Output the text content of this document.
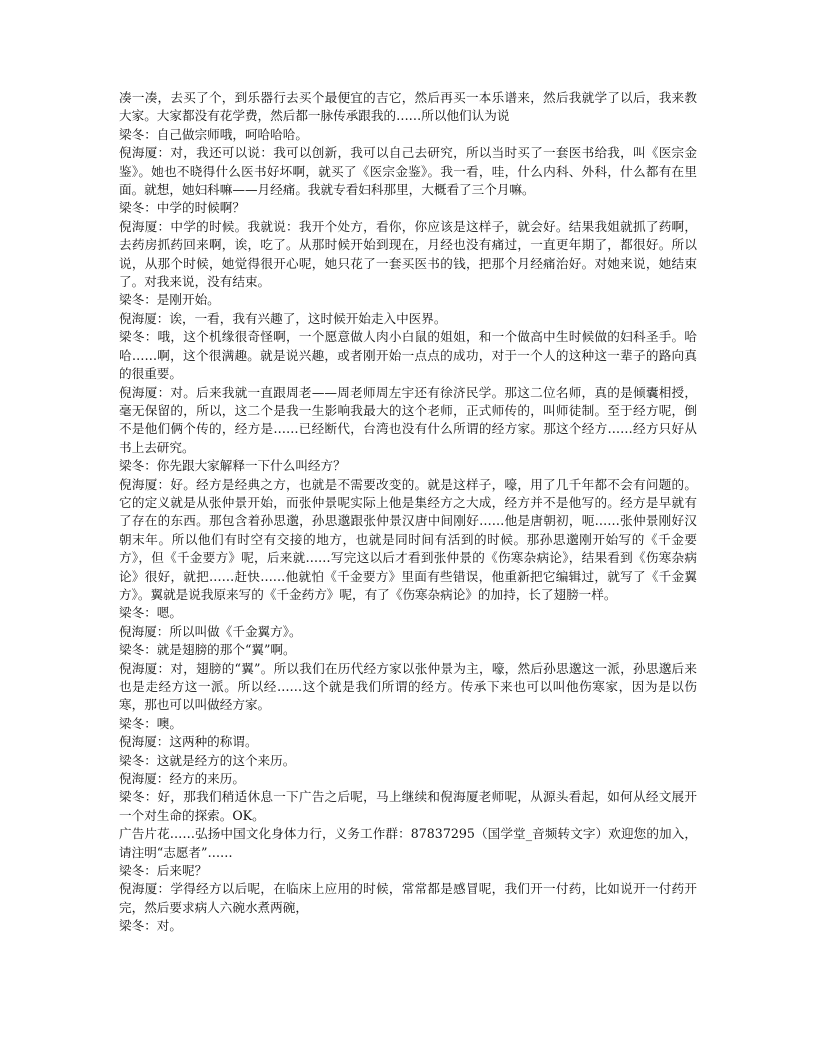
凑一凑，去买了个，到乐器行去买个最便宜的吉它，然后再买一本乐谱来，然后我就学了以后，我来教大家。大家都没有花学费，然后都一脉传承跟我的……所以他们认为说

梁冬：自己做宗师哦，呵哈哈哈。

倪海厦：对，我还可以说：我可以创新，我可以自己去研究，所以当时买了一套医书给我，叫《医宗金鉴》。她也不晓得什么医书好坏啊，就买了《医宗金鉴》。我一看，哇，什么内科、外科，什么都有在里面。就想，她妇科嘛——月经痛。我就专看妇科那里，大概看了三个月嘛。

梁冬：中学的时候啊？

倪海厦：中学的时候。我就说：我开个处方，看你，你应该是这样子，就会好。结果我姐就抓了药啊，去药房抓药回来啊，诶，吃了。从那时候开始到现在，月经也没有痛过，一直更年期了，都很好。所以说，从那个时候，她觉得很开心呢，她只花了一套买医书的钱，把那个月经痛治好。对她来说，她结束了。对我来说，没有结束。

梁冬：是刚开始。

倪海厦：诶，一看，我有兴趣了，这时候开始走入中医界。

梁冬：哦，这个机缘很奇怪啊，一个愿意做人肉小白鼠的姐姐，和一个做高中生时候做的妇科圣手。哈哈……啊，这个很满趣。就是说兴趣，或者刚开始一点点的成功，对于一个人的这种这一辈子的路向真的很重要。

倪海厦：对。后来我就一直跟周老——周老师周左宇还有徐济民学。那这二位名师，真的是倾囊相授，毫无保留的，所以，这二个是我一生影响我最大的这个老师，正式师传的，叫师徒制。至于经方呢，倒不是他们俩个传的，经方是……已经断代，台湾也没有什么所谓的经方家。那这个经方……经方只好从书上去研究。

梁冬：你先跟大家解释一下什么叫经方？

倪海厦：好。经方是经典之方，也就是不需要改变的。就是这样子，嚎，用了几千年都不会有问题的。它的定义就是从张仲景开始，而张仲景呢实际上他是集经方之大成，经方并不是他写的。经方是早就有了存在的东西。那包含着孙思邈，孙思邈跟张仲景汉唐中间刚好……他是唐朝初，呃……张仲景刚好汉朝末年。所以他们有时空有交接的地方，也就是同时间有活到的时候。那孙思邈刚开始写的《千金要方》，但《千金要方》呢，后来就……写完这以后才看到张仲景的《伤寒杂病论》，结果看到《伤寒杂病论》很好，就把……赶快……他就怕《千金要方》里面有些错误，他重新把它编辑过，就写了《千金翼方》。翼就是说我原来写的《千金药方》呢，有了《伤寒杂病论》的加持，长了翅膀一样。

梁冬：嗯。

倪海厦：所以叫做《千金翼方》。

梁冬：就是翅膀的那个“翼”啊。

倪海厦：对，翅膀的“翼”。所以我们在历代经方家以张仲景为主，嚎，然后孙思邈这一派，孙思邈后来也是走经方这一派。所以经……这个就是我们所谓的经方。传承下来也可以叫他伤寒家，因为是以伤寒，那也可以叫做经方家。

梁冬：噢。

倪海厦：这两种的称谓。

梁冬：这就是经方的这个来历。

倪海厦：经方的来历。

梁冬：好，那我们稍适休息一下广告之后呢，马上继续和倪海厦老师呢，从源头看起，如何从经文展开一个对生命的探索。OK。

广告片花……弘扬中国文化身体力行，义务工作群：87837295（国学堂_音频转文字）欢迎您的加入，请注明“志愿者”……

梁冬：后来呢？

倪海厦：学得经方以后呢，在临床上应用的时候，常常都是感冒呢，我们开一付药，比如说开一付药开完，然后要求病人六碗水煮两碗，

梁冬：对。
